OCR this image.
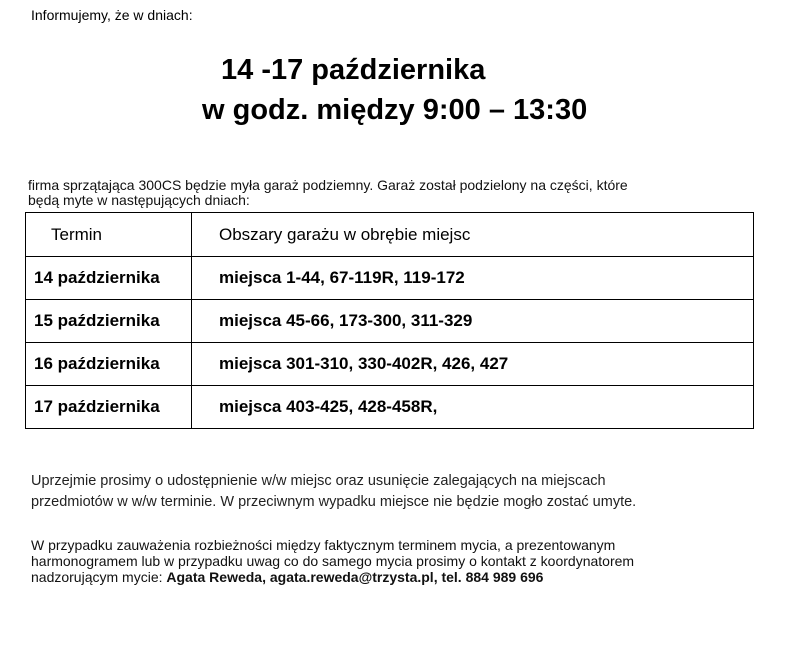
Informujemy, że w dniach:
14 -17 października
w godz. między 9:00 – 13:30
firma sprzątająca 300CS będzie myła garaż podziemny. Garaż został podzielony na części, które
będą myte w następujących dniach:
Termin	Obszary garażu w obrębie miejsc
14 października	miejsca 1-44, 67-119R, 119-172
15 października	miejsca 45-66, 173-300, 311-329
16 października	miejsca 301-310, 330-402R, 426, 427
17 października	miejsca 403-425, 428-458R,
Uprzejmie prosimy o udostępnienie w/w miejsc oraz usunięcie zalegających na miejscach
przedmiotów w w/w terminie. W przeciwnym wypadku miejsce nie będzie mogło zostać umyte.
W przypadku zauważenia rozbieżności między faktycznym terminem mycia, a prezentowanym
harmonogramem lub w przypadku uwag co do samego mycia prosimy o kontakt z koordynatorem
nadzorującym mycie: Agata Reweda, agata.reweda@trzysta.pl, tel. 884 989 696
